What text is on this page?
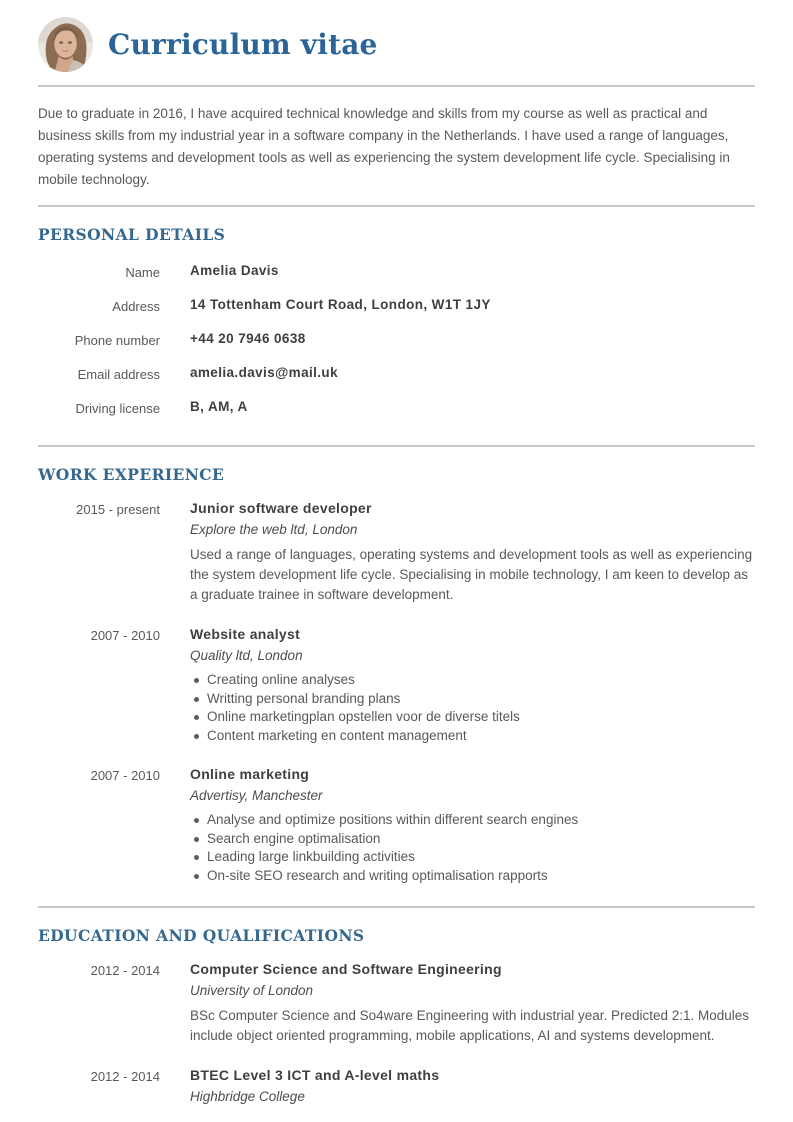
Curriculum vitae

Due to graduate in 2016, I have acquired technical knowledge and skills from my course as well as practical and business skills from my industrial year in a software company in the Netherlands. I have used a range of languages, operating systems and development tools as well as experiencing the system development life cycle. Specialising in mobile technology.

PERSONAL DETAILS
Name Amelia Davis
Address 14 Tottenham Court Road, London, W1T 1JY
Phone number +44 20 7946 0638
Email address amelia.davis@mail.uk
Driving license B, AM, A
WORK EXPERIENCE
2015 - present Junior software developer
Explore the web ltd, London

Used a range of languages, operating systems and development tools as well as experiencing the system development life cycle. Specialising in mobile technology, I am keen to develop as a graduate trainee in software development.

2007 - 2010 Website analyst
Quality ltd, London
Creating online analyses
Writting personal branding plans
Online marketingplan opstellen voor de diverse titels
Content marketing en content management
2007 - 2010 Online marketing
Advertisy, Manchester
Analyse and optimize positions within different search engines
Search engine optimalisation
Leading large linkbuilding activities
On-site SEO research and writing optimalisation rapports
EDUCATION AND QUALIFICATIONS
2012 - 2014 Computer Science and Software Engineering
University of London

BSc Computer Science and So4ware Engineering with industrial year. Predicted 2:1. Modules include object oriented programming, mobile applications, AI and systems development.

2012 - 2014 BTEC Level 3 ICT and A-level maths
Highbridge College
